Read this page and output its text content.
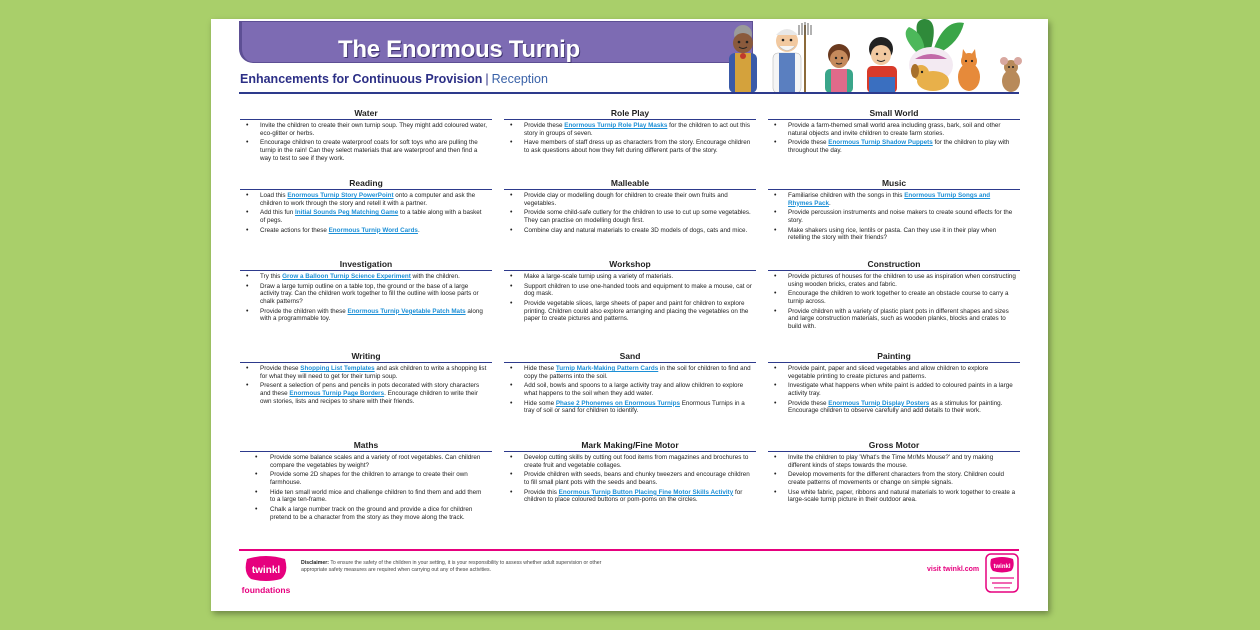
The Enormous Turnip
Enhancements for Continuous Provision | Reception
Water
• Invite the children to create their own turnip soup. They might add coloured water, eco-glitter or herbs.
• Encourage children to create waterproof coats for soft toys who are pulling the turnip in the rain! Can they select materials that are waterproof and then find a way to test to see if they work.
Reading
• Load this Enormous Turnip Story PowerPoint onto a computer and ask the children to work through the story and retell it with a partner.
• Add this fun Initial Sounds Peg Matching Game to a table along with a basket of pegs.
• Create actions for these Enormous Turnip Word Cards.
Investigation
• Try this Grow a Balloon Turnip Science Experiment with the children.
• Draw a large turnip outline on a table top, the ground or the base of a large activity tray. Can the children work together to fill the outline with loose parts or chalk patterns?
• Provide the children with these Enormous Turnip Vegetable Patch Mats along with a programmable toy.
Writing
• Provide these Shopping List Templates and ask children to write a shopping list for what they will need to get for their turnip soup.
• Present a selection of pens and pencils in pots decorated with story characters and these Enormous Turnip Page Borders. Encourage children to write their own stories, lists and recipes to share with their friends.
Maths
• Provide some balance scales and a variety of root vegetables. Can children compare the vegetables by weight?
• Provide some 2D shapes for the children to arrange to create their own farmhouse.
• Hide ten small world mice and challenge children to find them and add them to a large ten-frame.
• Chalk a large number track on the ground and provide a dice for children pretend to be a character from the story as they move along the track.
Role Play
• Provide these Enormous Turnip Role Play Masks for the children to act out this story in groups of seven.
• Have members of staff dress up as characters from the story. Encourage children to ask questions about how they felt during different parts of the story.
Malleable
• Provide clay or modelling dough for children to create their own fruits and vegetables.
• Provide some child-safe cutlery for the children to use to cut up some vegetables. They can practise on modelling dough first.
• Combine clay and natural materials to create 3D models of dogs, cats and mice.
Workshop
• Make a large-scale turnip using a variety of materials.
• Support children to use one-handed tools and equipment to make a mouse, cat or dog mask.
• Provide vegetable slices, large sheets of paper and paint for children to explore printing. Children could also explore arranging and placing the vegetables on the paper to create pictures and patterns.
Sand
• Hide these Turnip Mark-Making Pattern Cards in the soil for children to find and copy the patterns into the soil.
• Add soil, bowls and spoons to a large activity tray and allow children to explore what happens to the soil when they add water.
• Hide some Phase 2 Phonemes on Enormous Turnips Enormous Turnips in a tray of soil or sand for children to identify.
Mark Making/Fine Motor
• Develop cutting skills by cutting out food items from magazines and brochures to create fruit and vegetable collages.
• Provide children with seeds, beans and chunky tweezers and encourage children to fill small plant pots with the seeds and beans.
• Provide this Enormous Turnip Button Placing Fine Motor Skills Activity for children to place coloured buttons or pom-poms on the circles.
Small World
• Provide a farm-themed small world area including grass, bark, soil and other natural objects and invite children to create farm stories.
• Provide these Enormous Turnip Shadow Puppets for the children to play with throughout the day.
Music
• Familiarise children with the songs in this Enormous Turnip Songs and Rhymes Pack.
• Provide percussion instruments and noise makers to create sound effects for the story.
• Make shakers using rice, lentils or pasta. Can they use it in their play when retelling the story with their friends?
Construction
• Provide pictures of houses for the children to use as inspiration when constructing using wooden bricks, crates and fabric.
• Encourage the children to work together to create an obstacle course to carry a turnip across.
• Provide children with a variety of plastic plant pots in different shapes and sizes and large construction materials, such as wooden planks, blocks and crates to build with.
Painting
• Provide paint, paper and sliced vegetables and allow children to explore vegetable printing to create pictures and patterns.
• Investigate what happens when white paint is added to coloured paints in a large activity tray.
• Provide these Enormous Turnip Display Posters as a stimulus for painting. Encourage children to observe carefully and add details to their work.
Gross Motor
• Invite the children to play 'What's the Time Mr/Ms Mouse?' and try making different kinds of steps towards the mouse.
• Develop movements for the different characters from the story. Children could create patterns of movements or change on simple signals.
• Use white fabric, paper, ribbons and natural materials to work together to create a large-scale turnip picture in their outdoor area.
twinkl
foundations
Disclaimer: To ensure the safety of the children in your setting, it is your responsibility to assess whether adult supervision or other appropriate safety measures are required when carrying out any of these activities.	visit twinkl.com twinkl
